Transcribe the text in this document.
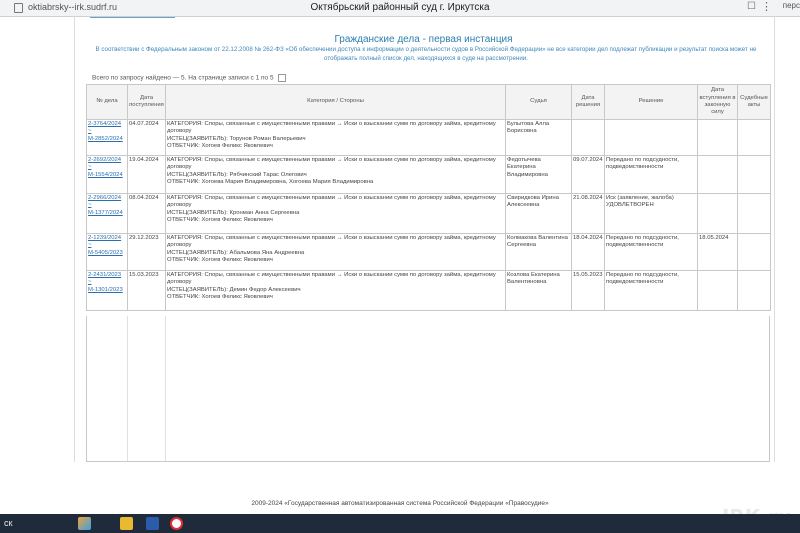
oktiabrsky--irk.sudrf.ru	Октябрьский районный суд г. Иркутска	☐ ⋮ перс
Гражданские дела - первая инстанция
В соответствии с Федеральным законом от 22.12.2008 № 262-ФЗ «Об обеспечении доступа к информации о деятельности судов в Российской Федерации» не все категории дел подлежат публикации и результат поиска может не отображать полный список дел, находящихся в суде на рассмотрении.
Всего по запросу найдено — 5. На странице записи с 1 по 5
№ дела	Дата поступления	Категория / Стороны	Судья	Дата решения	Решение	Дата вступления в законную силу	Судебные акты
2-3764/2024 ~ М-2852/2024	04.07.2024	КАТЕГОРИЯ: Споры, связанные с имущественными правами → Иски о взыскании сумм по договору займа, кредитному договору
ИСТЕЦ(ЗАЯВИТЕЛЬ): Торунов Роман Валерьевич
ОТВЕТЧИК: Хогоев Феликс Яковлевич	Булытова Алла Борисовна				
2-2692/2024 ~ М-1554/2024	19.04.2024	КАТЕГОРИЯ: Споры, связанные с имущественными правами → Иски о взыскании сумм по договору займа, кредитному договору
ИСТЕЦ(ЗАЯВИТЕЛЬ): Рябчинский Тарас Олегович
ОТВЕТЧИК: Хогоева Мария Владимировна, Хогоева Мария Владимировна	Федотычева Екатерина Владимировна	09.07.2024	Передано по подсудности, подведомственности		
2-2966/2024 ~ М-1377/2024	08.04.2024	КАТЕГОРИЯ: Споры, связанные с имущественными правами → Иски о взыскании сумм по договору займа, кредитному договору
ИСТЕЦ(ЗАЯВИТЕЛЬ): Кронман Анна Сергеевна
ОТВЕТЧИК: Хогоев Феликс Яковлевич	Свиридкова Ирина Алексеевна	21.08.2024	Иск (заявление, жалоба) УДОВЛЕТВОРЕН		
2-1239/2024 ~ М-5405/2023	29.12.2023	КАТЕГОРИЯ: Споры, связанные с имущественными правами → Иски о взыскании сумм по договору займа, кредитному договору
ИСТЕЦ(ЗАЯВИТЕЛЬ): Абальмова Яна Андреевна
ОТВЕТЧИК: Хогоев Феликс Яковлевич	Колмакова Валентина Сергеевна	18.04.2024	Передано по подсудности, подведомственности	18.05.2024	
2-2431/2023 ~ М-1301/2023	15.03.2023	КАТЕГОРИЯ: Споры, связанные с имущественными правами → Иски о взыскании сумм по договору займа, кредитному договору
ИСТЕЦ(ЗАЯВИТЕЛЬ): Демин Федор Алексеевич
ОТВЕТЧИК: Хогоев Феликс Яковлевич	Козлова Екатерина Валентиновна	15.05.2023	Передано по подсудности, подведомственности		
2009-2024 «Государственная автоматизированная система Российской Федерации «Правосудие»
ск
